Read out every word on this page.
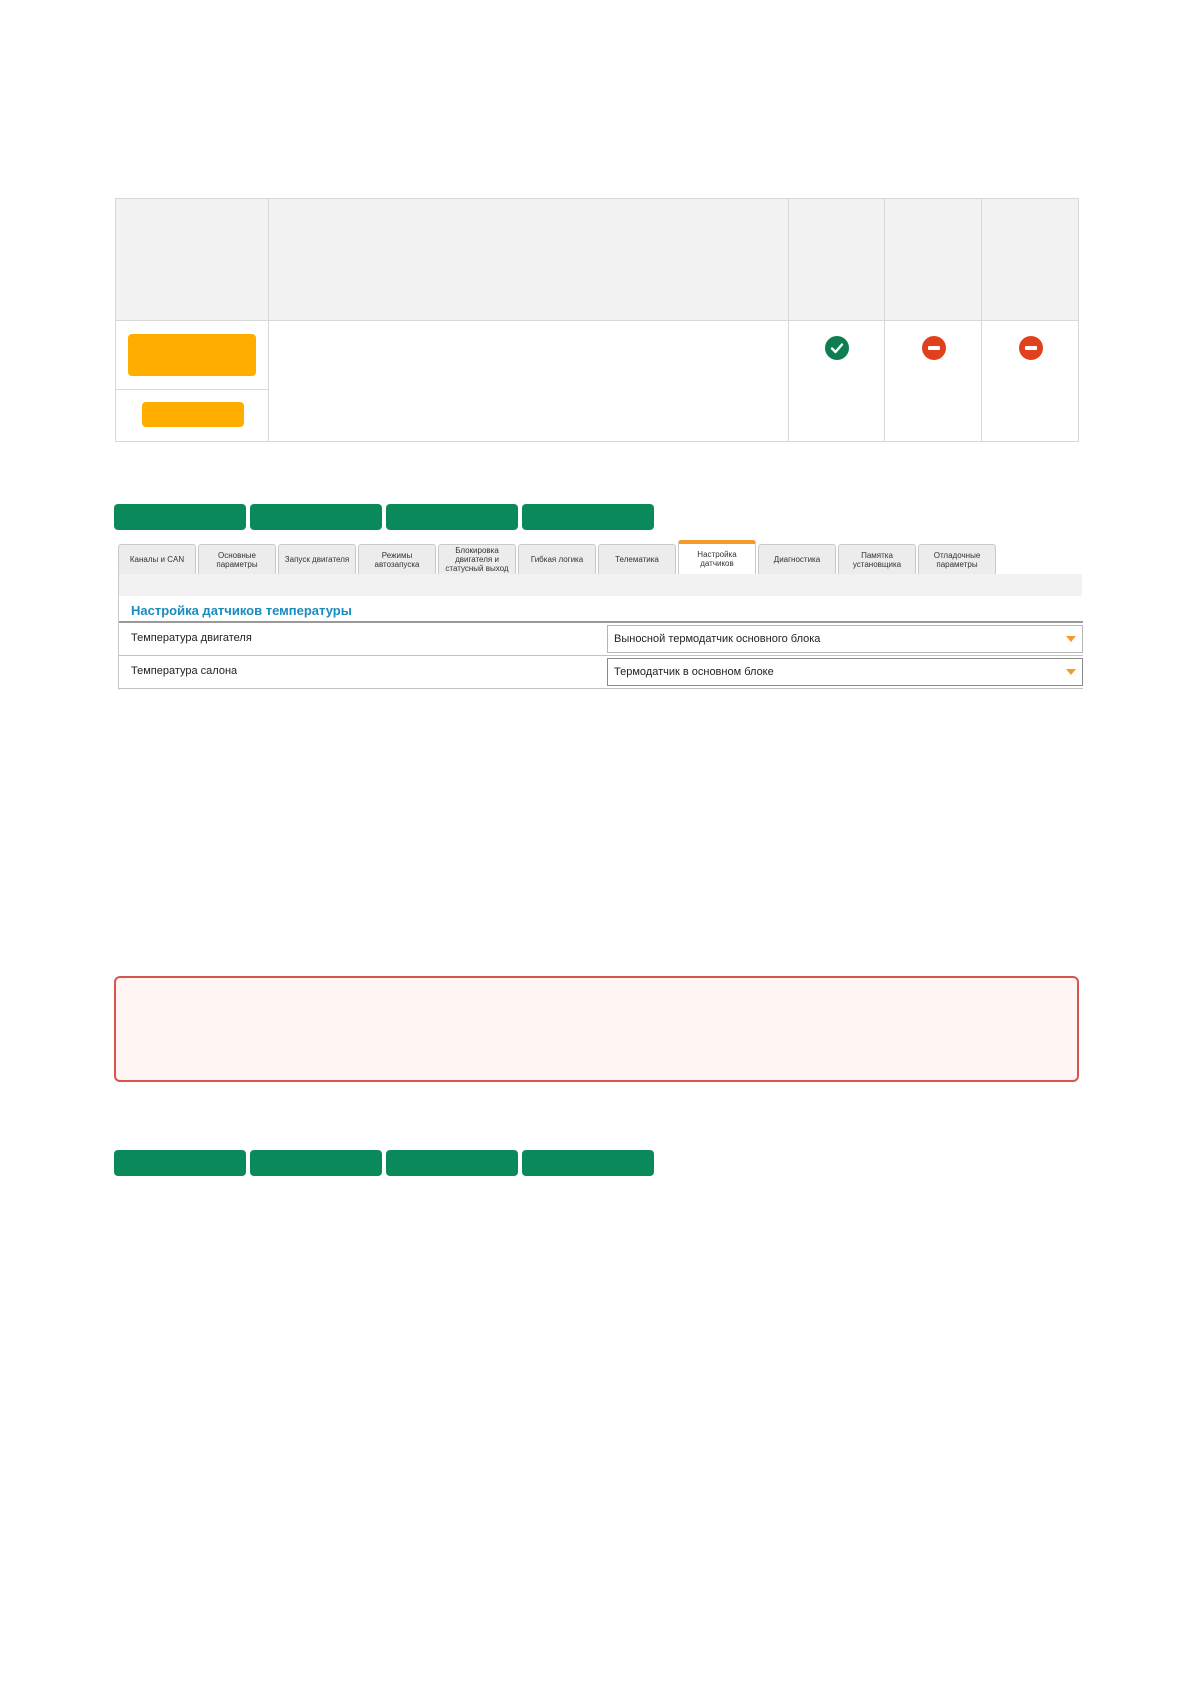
Каналы и CAN	Основные
параметры	Запуск двигателя	Режимы
автозапуска
Блокировка
двигателя и
статусный выход
Гибкая логика	Телематика
Настройка
датчиков	Диагностика	Памятка
установщика
Отладочные
параметры
Настройка датчиков температуры
Температура двигателя	Выносной термодатчик основного блока
Температура салона	Термодатчик в основном блоке
